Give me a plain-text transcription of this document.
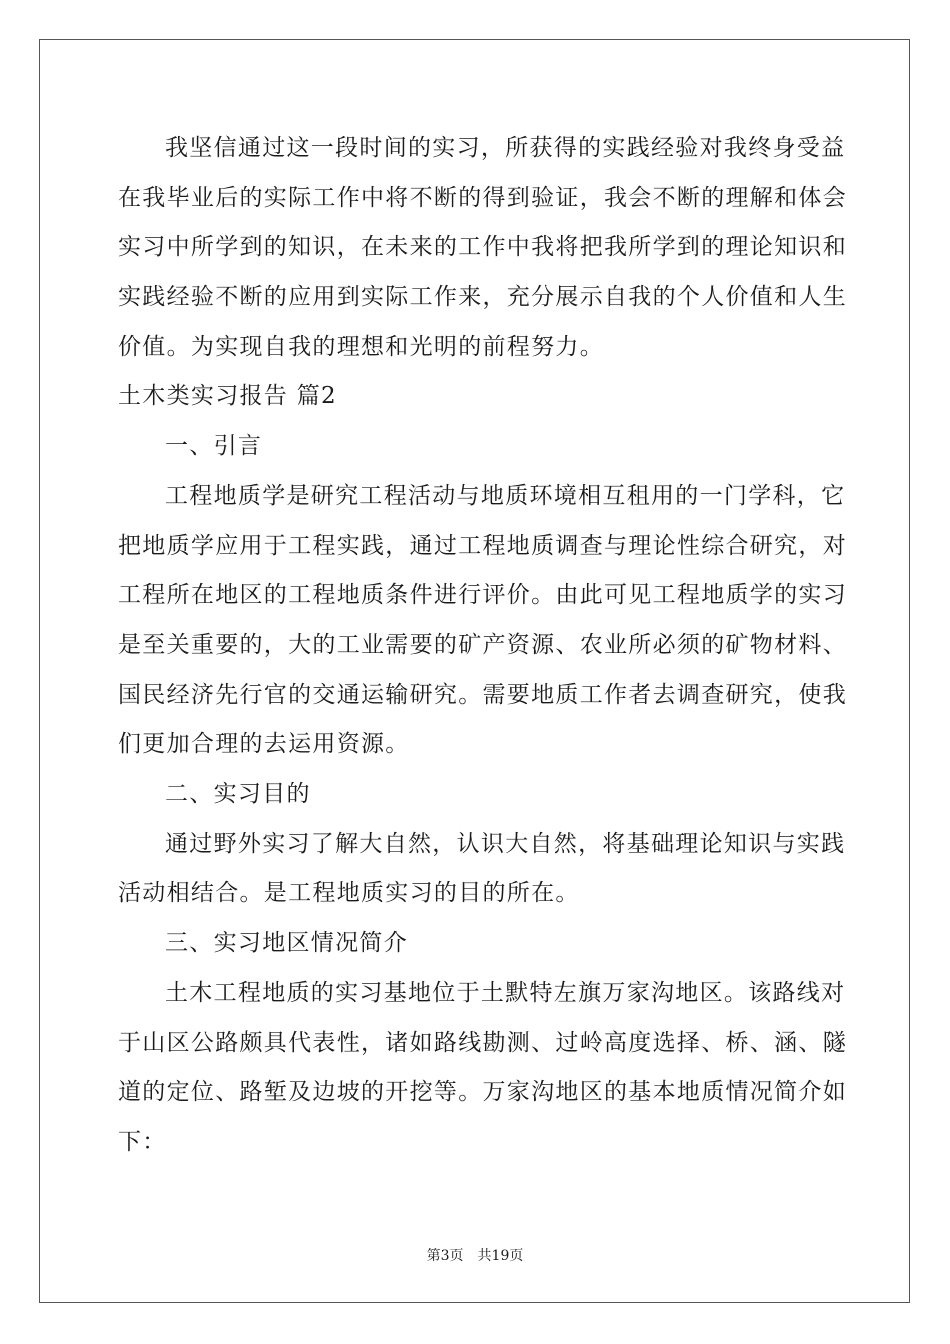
我坚信通过这一段时间的实习，所获得的实践经验对我终身受益
在我毕业后的实际工作中将不断的得到验证，我会不断的理解和体会
实习中所学到的知识，在未来的工作中我将把我所学到的理论知识和
实践经验不断的应用到实际工作来，充分展示自我的个人价值和人生
价值。为实现自我的理想和光明的前程努力。
土木类实习报告 篇2
一、引言
工程地质学是研究工程活动与地质环境相互租用的一门学科，它
把地质学应用于工程实践，通过工程地质调查与理论性综合研究，对
工程所在地区的工程地质条件进行评价。由此可见工程地质学的实习
是至关重要的，大的工业需要的矿产资源、农业所必须的矿物材料、
国民经济先行官的交通运输研究。需要地质工作者去调查研究，使我
们更加合理的去运用资源。
二、实习目的
通过野外实习了解大自然，认识大自然，将基础理论知识与实践
活动相结合。是工程地质实习的目的所在。
三、实习地区情况简介
土木工程地质的实习基地位于土默特左旗万家沟地区。该路线对
于山区公路颇具代表性，诸如路线勘测、过岭高度选择、桥、涵、隧
道的定位、路堑及边坡的开挖等。万家沟地区的基本地质情况简介如
下：
第3页　共19页
